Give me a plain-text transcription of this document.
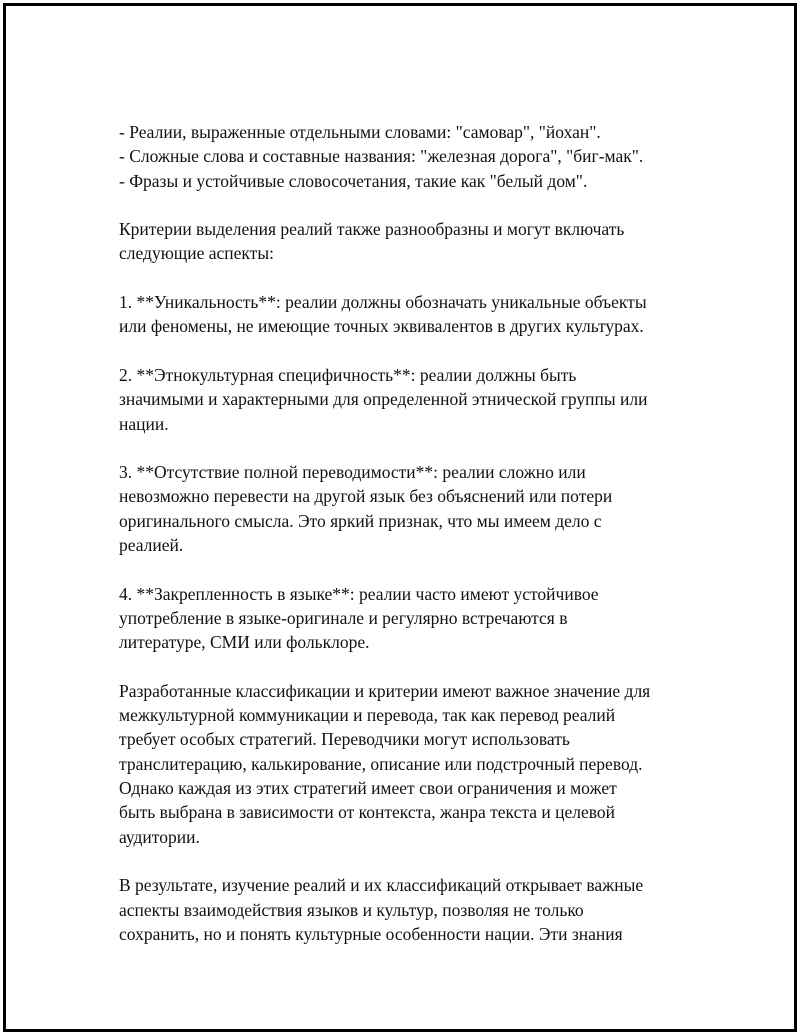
- Реалии, выраженные отдельными словами: "самовар", "йохан".
- Сложные слова и составные названия: "железная дорога", "биг-мак".
- Фразы и устойчивые словосочетания, такие как "белый дом".

Критерии выделения реалий также разнообразны и могут включать
следующие аспекты:

1. **Уникальность**: реалии должны обозначать уникальные объекты
или феномены, не имеющие точных эквивалентов в других культурах.

2. **Этнокультурная специфичность**: реалии должны быть
значимыми и характерными для определенной этнической группы или
нации.

3. **Отсутствие полной переводимости**: реалии сложно или
невозможно перевести на другой язык без объяснений или потери
оригинального смысла. Это яркий признак, что мы имеем дело с
реалией.

4. **Закрепленность в языке**: реалии часто имеют устойчивое
употребление в языке-оригинале и регулярно встречаются в
литературе, СМИ или фольклоре.

Разработанные классификации и критерии имеют важное значение для
межкультурной коммуникации и перевода, так как перевод реалий
требует особых стратегий. Переводчики могут использовать
транслитерацию, калькирование, описание или подстрочный перевод.
Однако каждая из этих стратегий имеет свои ограничения и может
быть выбрана в зависимости от контекста, жанра текста и целевой
аудитории.

В результате, изучение реалий и их классификаций открывает важные
аспекты взаимодействия языков и культур, позволяя не только
сохранить, но и понять культурные особенности нации. Эти знания
